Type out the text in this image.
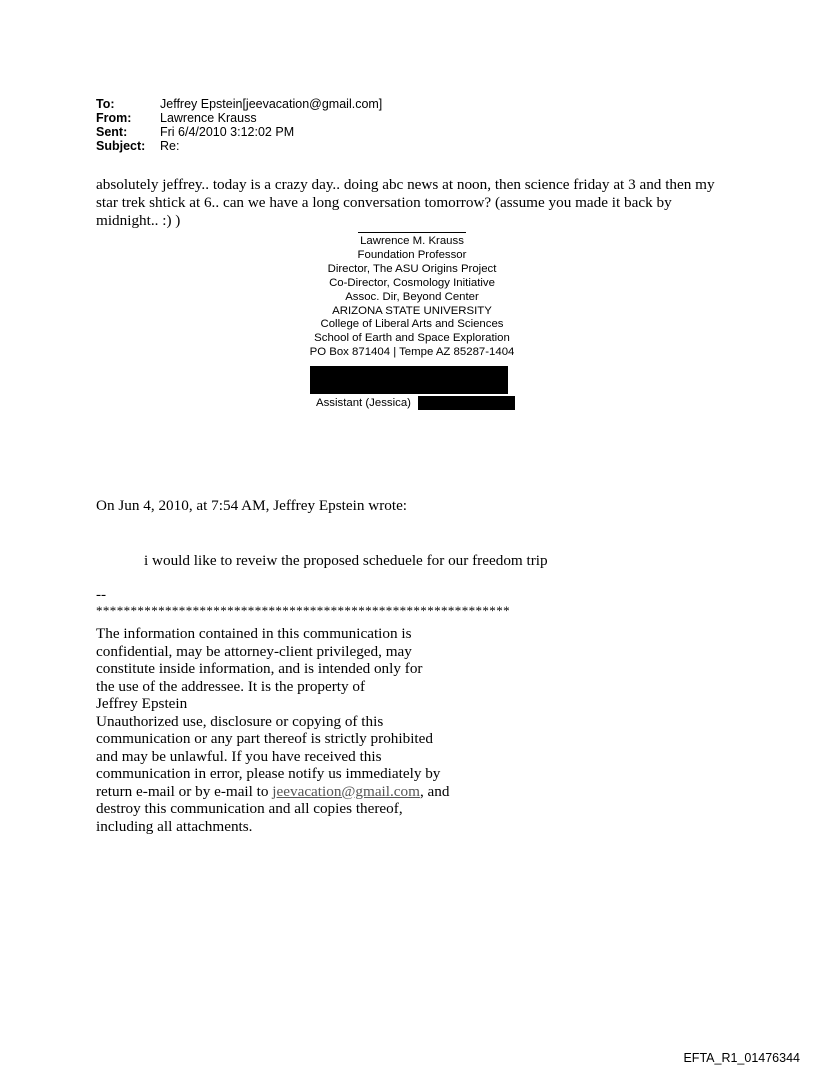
To:	Jeffrey Epstein[jeevacation@gmail.com]
From: Lawrence Krauss
Sent:	Fri 6/4/2010 3:12:02 PM
Subject: Re:
absolutely jeffrey.. today is a crazy day.. doing abc news at noon, then science friday at 3 and then my star trek shtick at 6.. can we have a long conversation tomorrow? (assume you made it back by midnight.. :) )
Lawrence M. Krauss
Foundation Professor
Director, The ASU Origins Project
Co-Director, Cosmology Initiative
Assoc. Dir, Beyond Center
ARIZONA STATE UNIVERSITY
College of Liberal Arts and Sciences
School of Earth and Space Exploration
PO Box 871404 | Tempe AZ 85287-1404
Assistant (Jessica)
On Jun 4, 2010, at 7:54 AM, Jeffrey Epstein wrote:
i would like to reveiw the proposed scheduele for our freedom trip
--
************************************************************
The information contained in this communication is
confidential, may be attorney-client privileged, may
constitute inside information, and is intended only for
the use of the addressee. It is the property of
Jeffrey Epstein
Unauthorized use, disclosure or copying of this
communication or any part thereof is strictly prohibited
and may be unlawful. If you have received this
communication in error, please notify us immediately by
return e-mail or by e-mail to jeevacation@gmail.com, and
destroy this communication and all copies thereof,
including all attachments.
EFTA_R1_01476344
